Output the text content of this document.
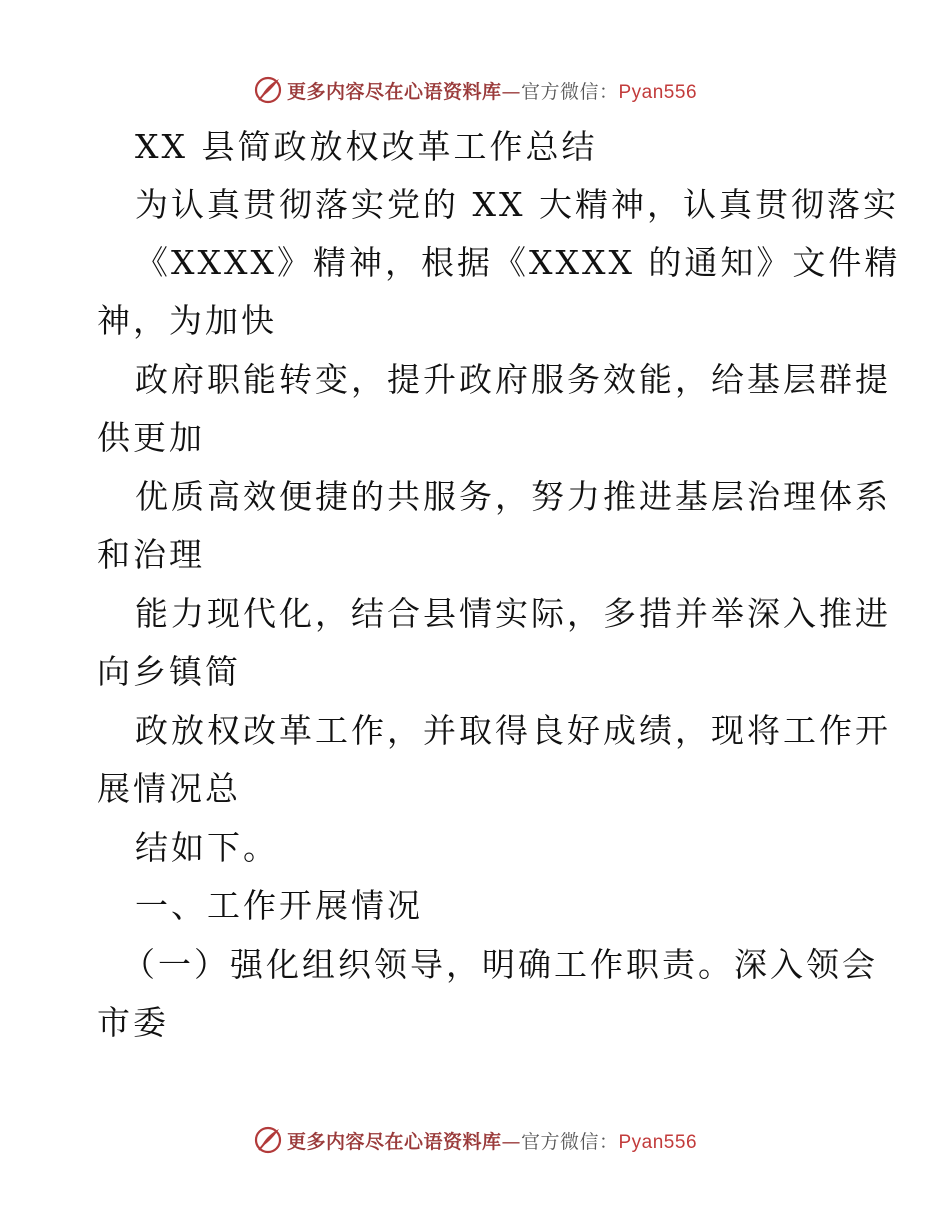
更多内容尽在心语资料库—官方微信：Pyan556
XX 县简政放权改革工作总结
为认真贯彻落实党的 XX 大精神，认真贯彻落实
《XXXX》精神，根据《XXXX 的通知》文件精
神，为加快
政府职能转变，提升政府服务效能，给基层群提
供更加
优质高效便捷的共服务，努力推进基层治理体系
和治理
能力现代化，结合县情实际，多措并举深入推进
向乡镇简
政放权改革工作，并取得良好成绩，现将工作开
展情况总
结如下。
一、工作开展情况
（一）强化组织领导，明确工作职责。深入领会
市委
更多内容尽在心语资料库—官方微信：Pyan556
